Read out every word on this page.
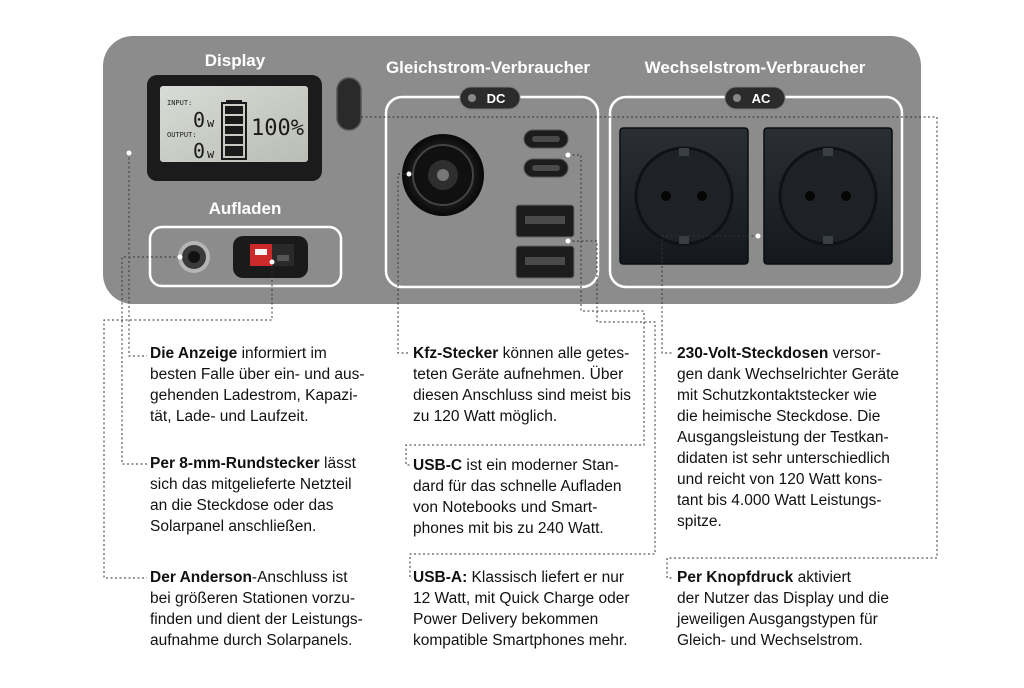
Display
Aufladen
Gleichstrom-Verbraucher	Wechselstrom-Verbraucher
INPUT:
0 w
OUTPUT:
0 w
100%
DC	AC

Die Anzeige informiert im
besten Falle über ein- und aus-
gehenden Ladestrom, Kapazi-
tät, Lade- und Laufzeit.

Per 8-mm-Rundstecker lässt
sich das mitgelieferte Netzteil
an die Steckdose oder das
Solarpanel anschließen.

Der Anderson-Anschluss ist
bei größeren Stationen vorzu-
finden und dient der Leistungs-
aufnahme durch Solarpanels.

Kfz-Stecker können alle getes-
teten Geräte aufnehmen. Über
diesen Anschluss sind meist bis
zu 120 Watt möglich.

USB-C ist ein moderner Stan-
dard für das schnelle Aufladen
von Notebooks und Smart-
phones mit bis zu 240 Watt.

USB-A: Klassisch liefert er nur
12 Watt, mit Quick Charge oder
Power Delivery bekommen
kompatible Smartphones mehr.

230-Volt-Steckdosen versor-
gen dank Wechselrichter Geräte
mit Schutzkontaktstecker wie
die heimische Steckdose. Die
Ausgangsleistung der Testkan-
didaten ist sehr unterschiedlich
und reicht von 120 Watt kons-
tant bis 4.000 Watt Leistungs-
spitze.

Per Knopfdruck aktiviert
der Nutzer das Display und die
jeweiligen Ausgangstypen für
Gleich- und Wechselstrom.
